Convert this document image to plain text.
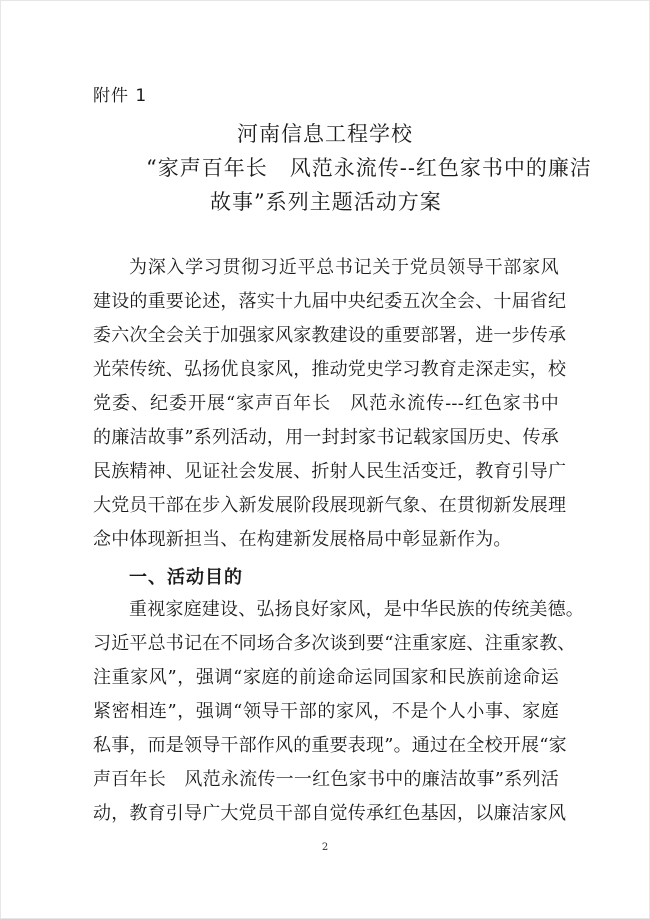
附件 1
河南信息工程学校
“家声百年长　风范永流传--红色家书中的廉洁
故事”系列主题活动方案
为深入学习贯彻习近平总书记关于党员领导干部家风
建设的重要论述，落实十九届中央纪委五次全会、十届省纪
委六次全会关于加强家风家教建设的重要部署，进一步传承
光荣传统、弘扬优良家风，推动党史学习教育走深走实，校
党委、纪委开展“家声百年长　风范永流传---红色家书中
的廉洁故事”系列活动，用一封封家书记载家国历史、传承
民族精神、见证社会发展、折射人民生活变迁，教育引导广
大党员干部在步入新发展阶段展现新气象、在贯彻新发展理
念中体现新担当、在构建新发展格局中彰显新作为。
一、活动目的
重视家庭建设、弘扬良好家风，是中华民族的传统美德。
习近平总书记在不同场合多次谈到要“注重家庭、注重家教、
注重家风”，强调“家庭的前途命运同国家和民族前途命运
紧密相连”，强调“领导干部的家风，不是个人小事、家庭
私事，而是领导干部作风的重要表现”。通过在全校开展“家
声百年长　风范永流传一一红色家书中的廉洁故事”系列活
动，教育引导广大党员干部自觉传承红色基因，以廉洁家风
2
